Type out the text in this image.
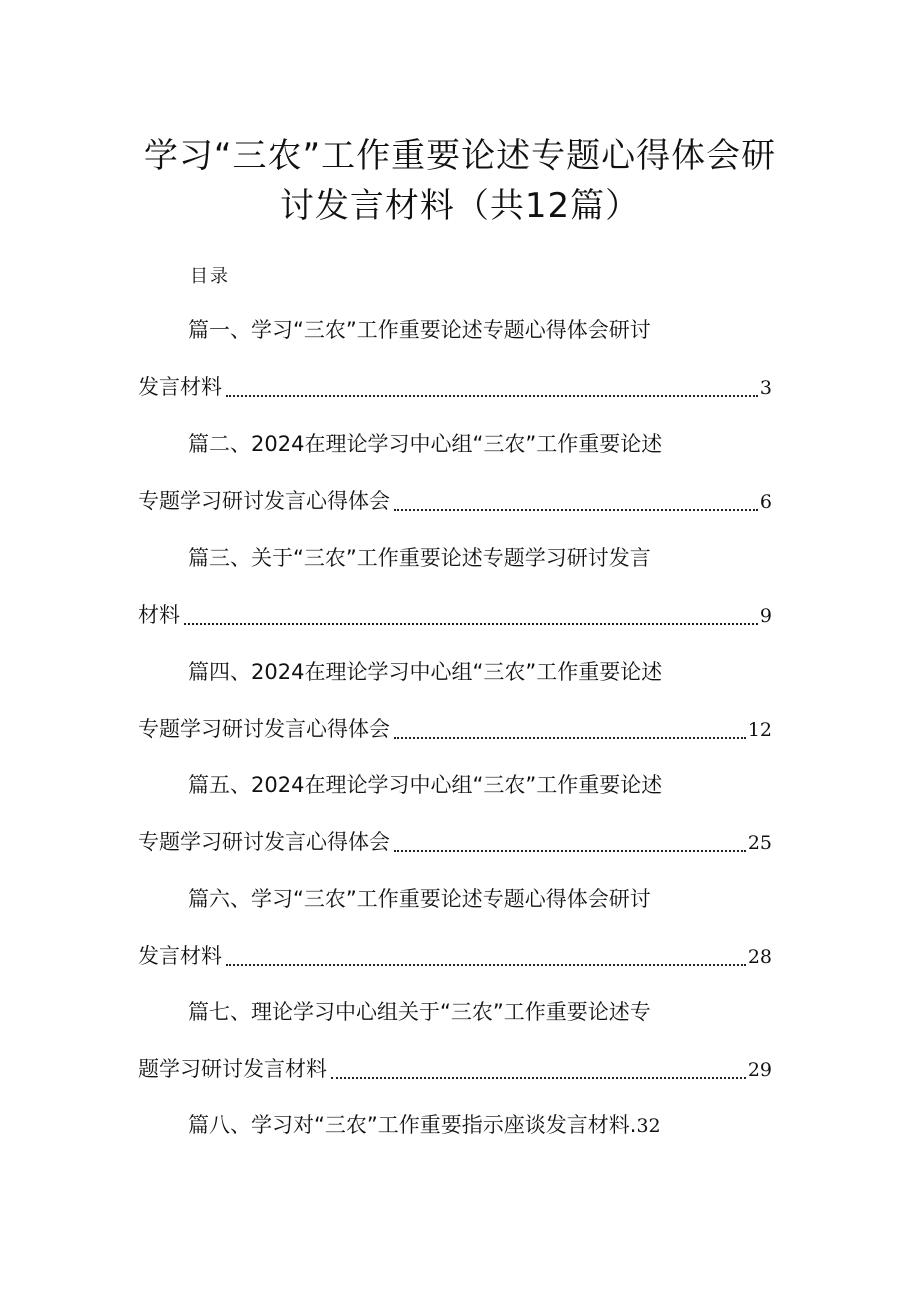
学习“三农”工作重要论述专题心得体会研
讨发言材料（共12篇）
目录
篇一、学习“三农”工作重要论述专题心得体会研讨
发言材料	3
篇二、2024在理论学习中心组“三农”工作重要论述
专题学习研讨发言心得体会	6
篇三、关于“三农”工作重要论述专题学习研讨发言
材料	9
篇四、2024在理论学习中心组“三农”工作重要论述
专题学习研讨发言心得体会	12
篇五、2024在理论学习中心组“三农”工作重要论述
专题学习研讨发言心得体会	25
篇六、学习“三农”工作重要论述专题心得体会研讨
发言材料	28
篇七、理论学习中心组关于“三农”工作重要论述专
题学习研讨发言材料	29
篇八、学习对“三农”工作重要指示座谈发言材料.32
